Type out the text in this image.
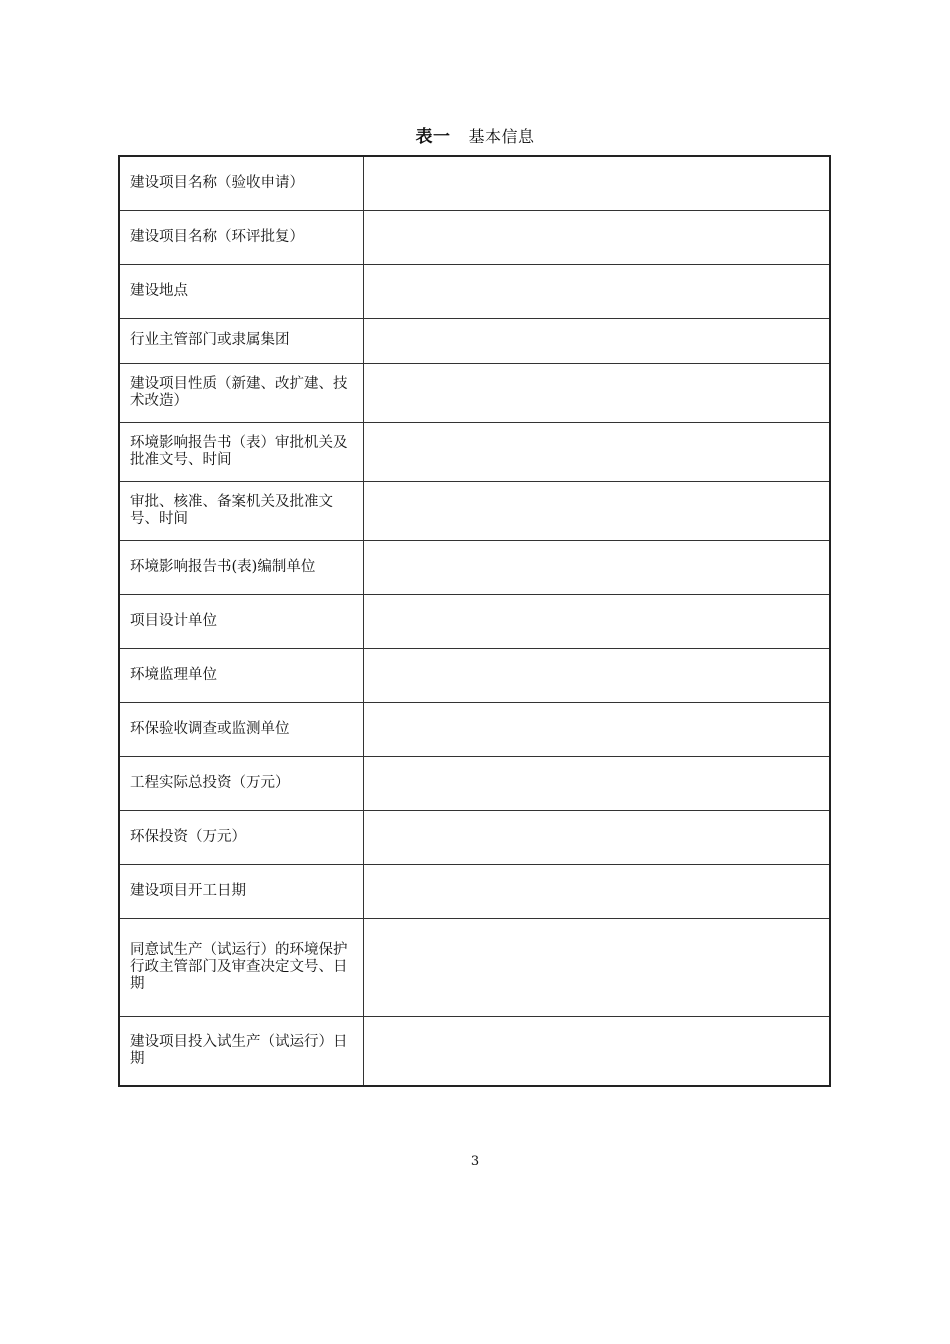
表一 基本信息
建设项目名称（验收申请）	
建设项目名称（环评批复）	
建设地点	
行业主管部门或隶属集团	
建设项目性质（新建、改扩建、技术改造）	
环境影响报告书（表）审批机关及批准文号、时间	
审批、核准、备案机关及批准文号、时间	
环境影响报告书(表)编制单位	
项目设计单位	
环境监理单位	
环保验收调查或监测单位	
工程实际总投资（万元）	
环保投资（万元）	
建设项目开工日期	
同意试生产（试运行）的环境保护行政主管部门及审查决定文号、日期	
建设项目投入试生产（试运行）日期	
3
